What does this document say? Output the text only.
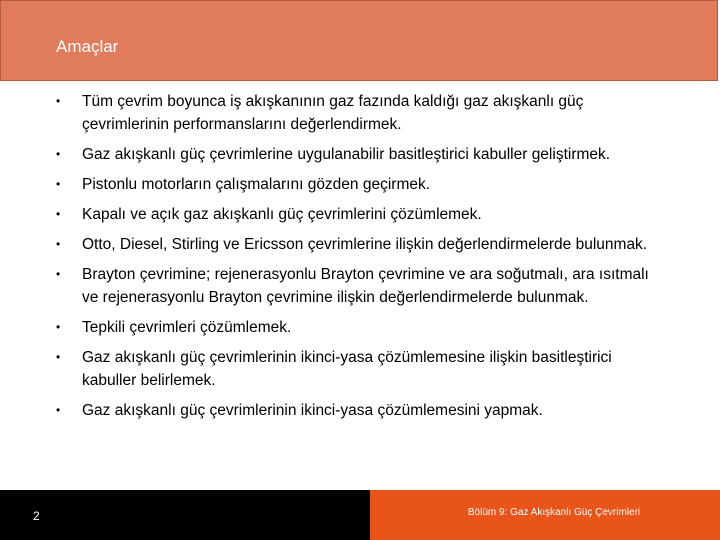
Amaçlar
• Tüm çevrim boyunca iş akışkanının gaz fazında kaldığı gaz akışkanlı güç çevrimlerinin performanslarını değerlendirmek.
• Gaz akışkanlı güç çevrimlerine uygulanabilir basitleştirici kabuller geliştirmek.
• Pistonlu motorların çalışmalarını gözden geçirmek.
• Kapalı ve açık gaz akışkanlı güç çevrimlerini çözümlemek.
• Otto, Diesel, Stirling ve Ericsson çevrimlerine ilişkin değerlendirmelerde bulunmak.
• Brayton çevrimine; rejenerasyonlu Brayton çevrimine ve ara soğutmalı, ara ısıtmalı ve rejenerasyonlu Brayton çevrimine ilişkin değerlendirmelerde bulunmak.
• Tepkili çevrimleri çözümlemek.
• Gaz akışkanlı güç çevrimlerinin ikinci-yasa çözümlemesine ilişkin basitleştirici kabuller belirlemek.
• Gaz akışkanlı güç çevrimlerinin ikinci-yasa çözümlemesini yapmak.
2	Bölüm 9: Gaz Akışkanlı Güç Çevrimleri
